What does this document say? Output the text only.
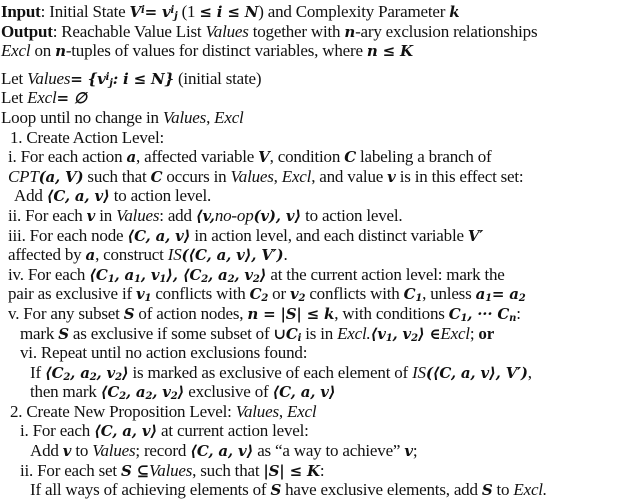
Input: Initial State Vi= vij (1 ≤ i ≤ N) and Complexity Parameter k
Output: Reachable Value List Values together with n-ary exclusion relationships
Excl on n-tuples of values for distinct variables, where n ≤ K
Let Values= {vij: i ≤ N} (initial state)
Let Excl= ∅
Loop until no change in Values, Excl
1. Create Action Level:
i. For each action a, affected variable V, condition C labeling a branch of
CPT(a, V) such that C occurs in Values, Excl, and value v is in this effect set:
Add ⟨C, a, v⟩ to action level.
ii. For each v in Values: add ⟨v,no-op(v), v⟩ to action level.
iii. For each node ⟨C, a, v⟩ in action level, and each distinct variable V′
affected by a, construct IS(⟨C, a, v⟩, V′).
iv. For each ⟨C1, a1, v1⟩, ⟨C2, a2, v2⟩ at the current action level: mark the
pair as exclusive if v1 conflicts with C2 or v2 conflicts with C1, unless a1= a2
v. For any subset S of action nodes, n = |S| ≤ k, with conditions C1, ··· Cn:
mark S as exclusive if some subset of ∪Ci is in Excl.⟨v1, v2⟩ ∈Excl; or
vi. Repeat until no action exclusions found:
If ⟨C2, a2, v2⟩ is marked as exclusive of each element of IS(⟨C, a, v⟩, V′),
then mark ⟨C2, a2, v2⟩ exclusive of ⟨C, a, v⟩
2. Create New Proposition Level: Values, Excl
i. For each ⟨C, a, v⟩ at current action level:
Add v to Values; record ⟨C, a, v⟩ as “a way to achieve” v;
ii. For each set S ⊆Values, such that |S| ≤ K:
If all ways of achieving elements of S have exclusive elements, add S to Excl.
